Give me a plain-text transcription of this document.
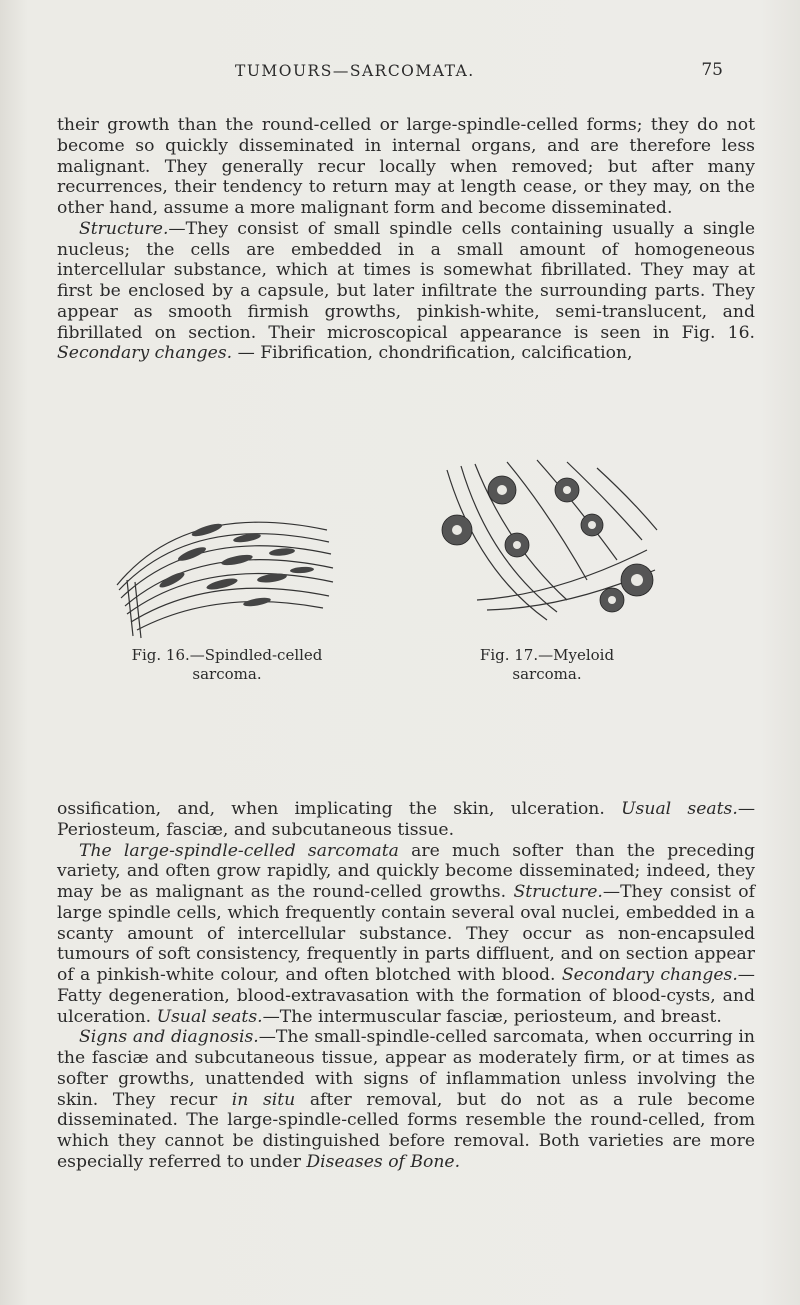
TUMOURS—SARCOMATA.	75

their growth than the round-celled or large-spindle-celled forms; they do not become so quickly disseminated in internal organs, and are therefore less malignant. They generally recur locally when removed; but after many recurrences, their tendency to return may at length cease, or they may, on the other hand, assume a more malignant form and become disseminated.

Structure.—They consist of small spindle cells containing usually a single nucleus; the cells are embedded in a small amount of homogeneous intercellular substance, which at times is somewhat fibrillated. They may at first be enclosed by a capsule, but later infiltrate the surrounding parts. They appear as smooth firmish growths, pinkish-white, semi-translucent, and fibrillated on section. Their microscopical appearance is seen in Fig. 16. Secondary changes. — Fibrification, chondrification, calcification,

Fig. 16.—Spindled-celled
sarcoma.
Fig. 17.—Myeloid
sarcoma.

ossification, and, when implicating the skin, ulceration. Usual seats.—Periosteum, fasciæ, and subcutaneous tissue.

The large-spindle-celled sarcomata are much softer than the preceding variety, and often grow rapidly, and quickly become disseminated; indeed, they may be as malignant as the round-celled growths. Structure.—They consist of large spindle cells, which frequently contain several oval nuclei, embedded in a scanty amount of intercellular substance. They occur as non-encapsuled tumours of soft consistency, frequently in parts diffluent, and on section appear of a pinkish-white colour, and often blotched with blood. Secondary changes.—Fatty degeneration, blood-extravasation with the formation of blood-cysts, and ulceration. Usual seats.—The intermuscular fasciæ, periosteum, and breast.

Signs and diagnosis.—The small-spindle-celled sarcomata, when occurring in the fasciæ and subcutaneous tissue, appear as moderately firm, or at times as softer growths, unattended with signs of inflammation unless involving the skin. They recur in situ after removal, but do not as a rule become disseminated. The large-spindle-celled forms resemble the round-celled, from which they cannot be distinguished before removal. Both varieties are more especially referred to under Diseases of Bone.
